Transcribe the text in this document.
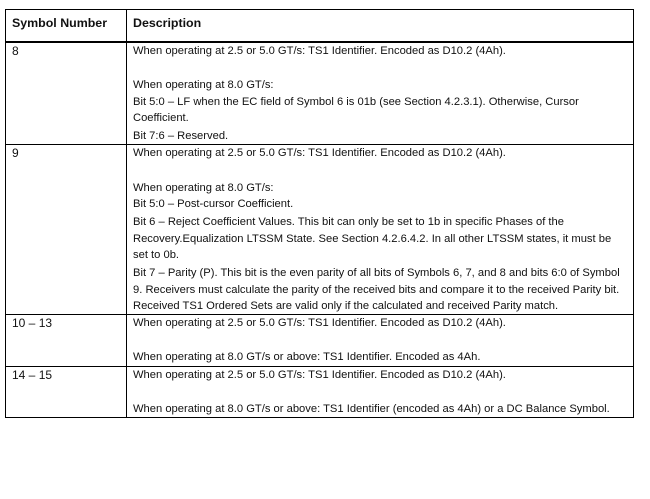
Symbol Number	Description
8	When operating at 2.5 or 5.0 GT/s: TS1 Identifier. Encoded as D10.2 (4Ah).
When operating at 8.0 GT/s:
Bit 5:0 – LF when the EC field of Symbol 6 is 01b (see Section 4.2.3.1). Otherwise, Cursor Coefficient.
Bit 7:6 – Reserved.

9	When operating at 2.5 or 5.0 GT/s: TS1 Identifier. Encoded as D10.2 (4Ah).
When operating at 8.0 GT/s:
Bit 5:0 – Post-cursor Coefficient.
Bit 6 – Reject Coefficient Values. This bit can only be set to 1b in specific Phases of the Recovery.Equalization LTSSM State. See Section 4.2.6.4.2. In all other LTSSM states, it must be set to 0b.
Bit 7 – Parity (P). This bit is the even parity of all bits of Symbols 6, 7, and 8 and bits 6:0 of Symbol 9. Receivers must calculate the parity of the received bits and compare it to the received Parity bit. Received TS1 Ordered Sets are valid only if the calculated and received Parity match.

10 – 13	When operating at 2.5 or 5.0 GT/s: TS1 Identifier. Encoded as D10.2 (4Ah).
When operating at 8.0 GT/s or above: TS1 Identifier. Encoded as 4Ah.

14 – 15	When operating at 2.5 or 5.0 GT/s: TS1 Identifier. Encoded as D10.2 (4Ah).
When operating at 8.0 GT/s or above: TS1 Identifier (encoded as 4Ah) or a DC Balance Symbol.
